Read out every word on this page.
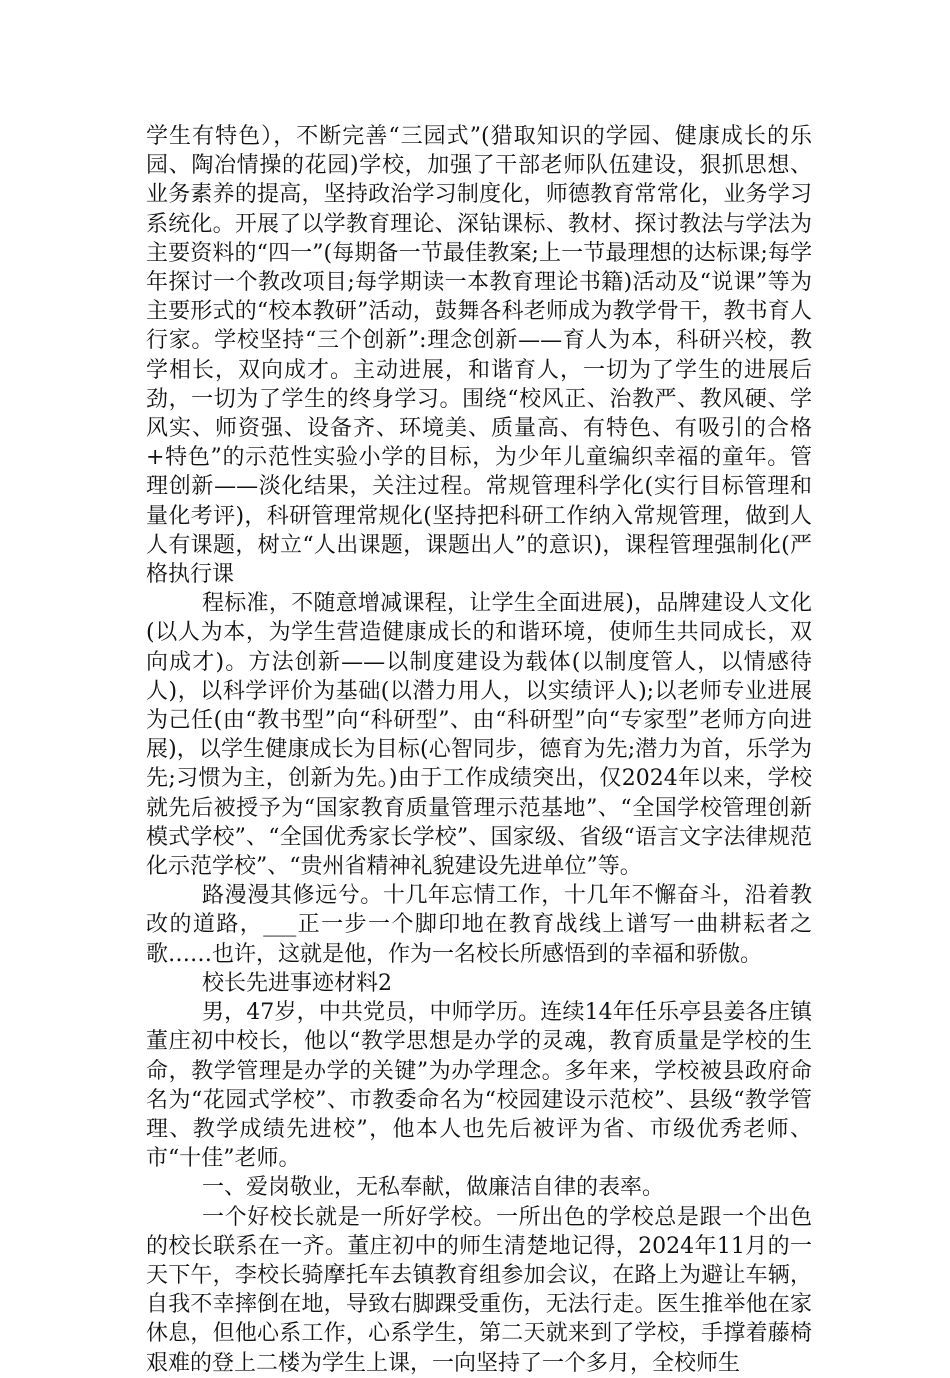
学生有特色），不断完善“三园式”(猎取知识的学园、健康成长的乐园、陶冶情操的花园)学校，加强了干部老师队伍建设，狠抓思想、业务素养的提高，坚持政治学习制度化，师德教育常常化，业务学习系统化。开展了以学教育理论、深钻课标、教材、探讨教法与学法为主要资料的“四一”(每期备一节最佳教案;上一节最理想的达标课;每学年探讨一个教改项目;每学期读一本教育理论书籍)活动及“说课”等为主要形式的“校本教研”活动，鼓舞各科老师成为教学骨干，教书育人行家。学校坚持“三个创新”:理念创新——育人为本，科研兴校，教学相长，双向成才。主动进展，和谐育人，一切为了学生的进展后劲，一切为了学生的终身学习。围绕“校风正、治教严、教风硬、学风实、师资强、设备齐、环境美、质量高、有特色、有吸引的合格+特色”的示范性实验小学的目标，为少年儿童编织幸福的童年。管理创新——淡化结果，关注过程。常规管理科学化(实行目标管理和量化考评)，科研管理常规化(坚持把科研工作纳入常规管理，做到人人有课题，树立“人出课题，课题出人”的意识)，课程管理强制化(严格执行课

程标准，不随意增减课程，让学生全面进展)，品牌建设人文化(以人为本，为学生营造健康成长的和谐环境，使师生共同成长，双向成才)。方法创新——以制度建设为载体(以制度管人，以情感待人)，以科学评价为基础(以潜力用人，以实绩评人);以老师专业进展为己任(由“教书型”向“科研型”、由“科研型”向“专家型”老师方向进展)，以学生健康成长为目标(心智同步，德育为先;潜力为首，乐学为先;习惯为主，创新为先。)由于工作成绩突出，仅2024年以来，学校就先后被授予为“国家教育质量管理示范基地”、“全国学校管理创新模式学校”、“全国优秀家长学校”、国家级、省级“语言文字法律规范化示范学校”、“贵州省精神礼貌建设先进单位”等。

路漫漫其修远兮。十几年忘情工作，十几年不懈奋斗，沿着教改的道路，___正一步一个脚印地在教育战线上谱写一曲耕耘者之歌……也许，这就是他，作为一名校长所感悟到的幸福和骄傲。

校长先进事迹材料2

男，47岁，中共党员，中师学历。连续14年任乐亭县姜各庄镇董庄初中校长，他以“教学思想是办学的灵魂，教育质量是学校的生命，教学管理是办学的关键”为办学理念。多年来，学校被县政府命名为“花园式学校”、市教委命名为“校园建设示范校”、县级“教学管理、教学成绩先进校”，他本人也先后被评为省、市级优秀老师、市“十佳”老师。

一、爱岗敬业，无私奉献，做廉洁自律的表率。

一个好校长就是一所好学校。一所出色的学校总是跟一个出色的校长联系在一齐。董庄初中的师生清楚地记得，2024年11月的一天下午，李校长骑摩托车去镇教育组参加会议，在路上为避让车辆，自我不幸摔倒在地，导致右脚踝受重伤，无法行走。医生推举他在家休息，但他心系工作，心系学生，第二天就来到了学校，手撑着藤椅艰难的登上二楼为学生上课，一向坚持了一个多月，全校师生
